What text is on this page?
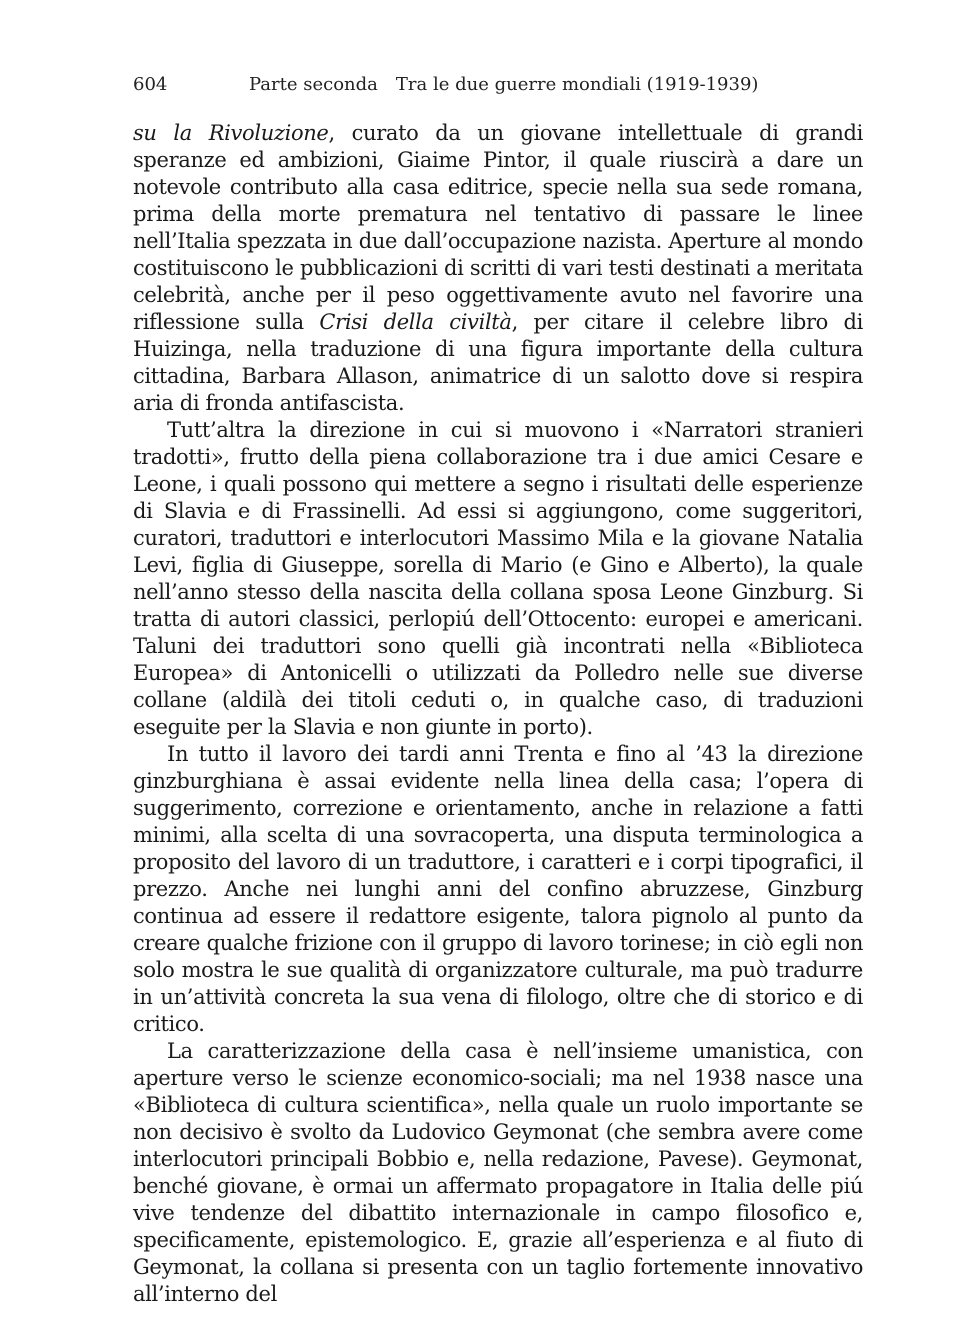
604	Parte seconda Tra le due guerre mondiali (1919-1939)

su la Rivoluzione, curato da un giovane intellettuale di grandi speranze ed ambizioni, Giaime Pintor, il quale riuscirà a dare un notevole contributo alla casa editrice, specie nella sua sede romana, prima della morte prematura nel tentativo di passare le linee nell’Italia spezzata in due dall’occupazione nazista. Aperture al mondo costituiscono le pubblicazioni di scritti di vari testi destinati a meritata celebrità, anche per il peso oggettivamente avuto nel favorire una riflessione sulla Crisi della civiltà, per citare il celebre libro di Huizinga, nella traduzione di una figura importante della cultura cittadina, Barbara Allason, animatrice di un salotto dove si respira aria di fronda antifascista.

Tutt’altra la direzione in cui si muovono i «Narratori stranieri tradotti», frutto della piena collaborazione tra i due amici Cesare e Leone, i quali possono qui mettere a segno i risultati delle esperienze di Slavia e di Frassinelli. Ad essi si aggiungono, come suggeritori, curatori, traduttori e interlocutori Massimo Mila e la giovane Natalia Levi, figlia di Giuseppe, sorella di Mario (e Gino e Alberto), la quale nell’anno stesso della nascita della collana sposa Leone Ginzburg. Si tratta di autori classici, perlopiú dell’Ottocento: europei e americani. Taluni dei traduttori sono quelli già incontrati nella «Biblioteca Europea» di Antonicelli o utilizzati da Polledro nelle sue diverse collane (aldilà dei titoli ceduti o, in qualche caso, di traduzioni eseguite per la Slavia e non giunte in porto).

In tutto il lavoro dei tardi anni Trenta e fino al ’43 la direzione ginzburghiana è assai evidente nella linea della casa; l’opera di suggerimento, correzione e orientamento, anche in relazione a fatti minimi, alla scelta di una sovracoperta, una disputa terminologica a proposito del lavoro di un traduttore, i caratteri e i corpi tipografici, il prezzo. Anche nei lunghi anni del confino abruzzese, Ginzburg continua ad essere il redattore esigente, talora pignolo al punto da creare qualche frizione con il gruppo di lavoro torinese; in ciò egli non solo mostra le sue qualità di organizzatore culturale, ma può tradurre in un’attività concreta la sua vena di filologo, oltre che di storico e di critico.

La caratterizzazione della casa è nell’insieme umanistica, con aperture verso le scienze economico-sociali; ma nel 1938 nasce una «Biblioteca di cultura scientifica», nella quale un ruolo importante se non decisivo è svolto da Ludovico Geymonat (che sembra avere come interlocutori principali Bobbio e, nella redazione, Pavese). Geymonat, benché giovane, è ormai un affermato propagatore in Italia delle piú vive tendenze del dibattito internazionale in campo filosofico e, specificamente, epistemologico. E, grazie all’esperienza e al fiuto di Geymonat, la collana si presenta con un taglio fortemente innovativo all’interno del
